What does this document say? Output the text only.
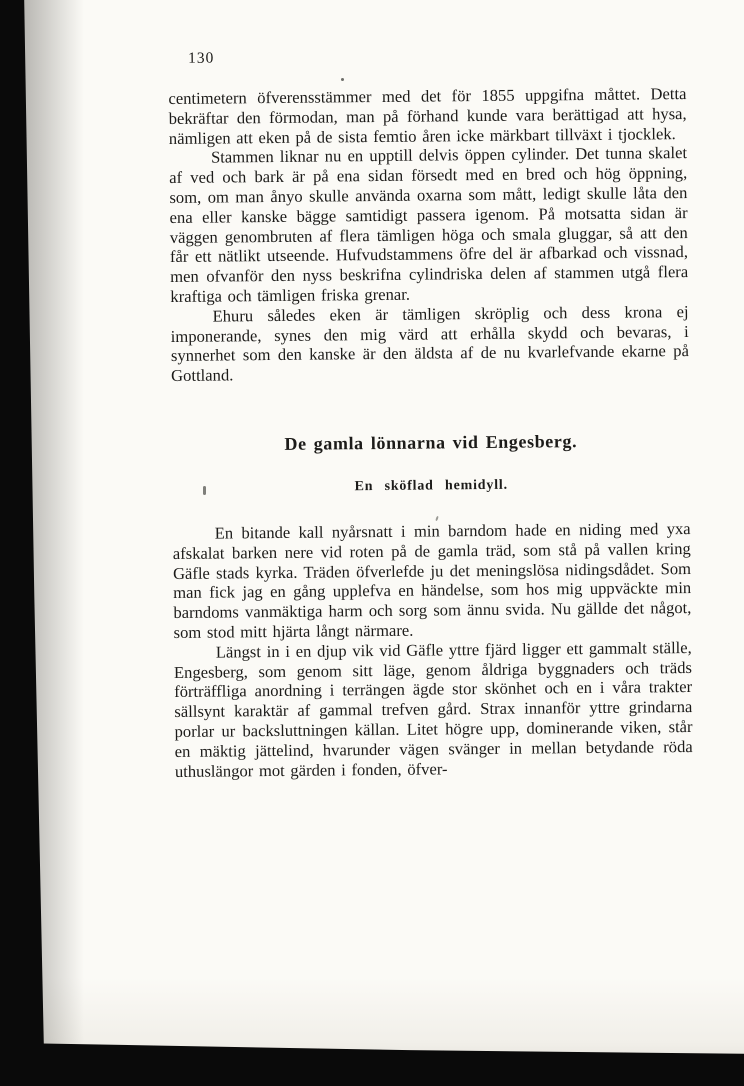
130

centimetern öfverensstämmer med det för 1855 uppgifna måttet. Detta bekräftar den förmodan, man på förhand kunde vara berättigad att hysa, nämligen att eken på de sista femtio åren icke märkbart tillväxt i tjocklek.

Stammen liknar nu en upptill delvis öppen cylinder. Det tunna skalet af ved och bark är på ena sidan försedt med en bred och hög öppning, som, om man ånyo skulle använda oxarna som mått, ledigt skulle låta den ena eller kanske bägge samtidigt passera igenom. På motsatta sidan är väggen genombruten af flera tämligen höga och smala gluggar, så att den får ett nätlikt utseende. Hufvudstammens öfre del är afbarkad och vissnad, men ofvanför den nyss beskrifna cylindriska delen af stammen utgå flera kraftiga och tämligen friska grenar.

Ehuru således eken är tämligen skröplig och dess krona ej imponerande, synes den mig värd att erhålla skydd och bevaras, i synnerhet som den kanske är den äldsta af de nu kvarlefvande ekarne på Gottland.

De gamla lönnarna vid Engesberg.
En sköflad hemidyll.

En bitande kall nyårsnatt i min barndom hade en niding med yxa afskalat barken nere vid roten på de gamla träd, som stå på vallen kring Gäfle stads kyrka. Träden öfverlefde ju det meningslösa nidingsdådet. Som man fick jag en gång upplefva en händelse, som hos mig uppväckte min barndoms vanmäktiga harm och sorg som ännu svida. Nu gällde det något, som stod mitt hjärta långt närmare.

Längst in i en djup vik vid Gäfle yttre fjärd ligger ett gammalt ställe, Engesberg, som genom sitt läge, genom åldriga byggnaders och träds förträffliga anordning i terrängen ägde stor skönhet och en i våra trakter sällsynt karaktär af gammal trefven gård. Strax innanför yttre grindarna porlar ur backsluttningen källan. Litet högre upp, dominerande viken, står en mäktig jättelind, hvarunder vägen svänger in mellan betydande röda uthuslängor mot gärden i fonden, öfver-
